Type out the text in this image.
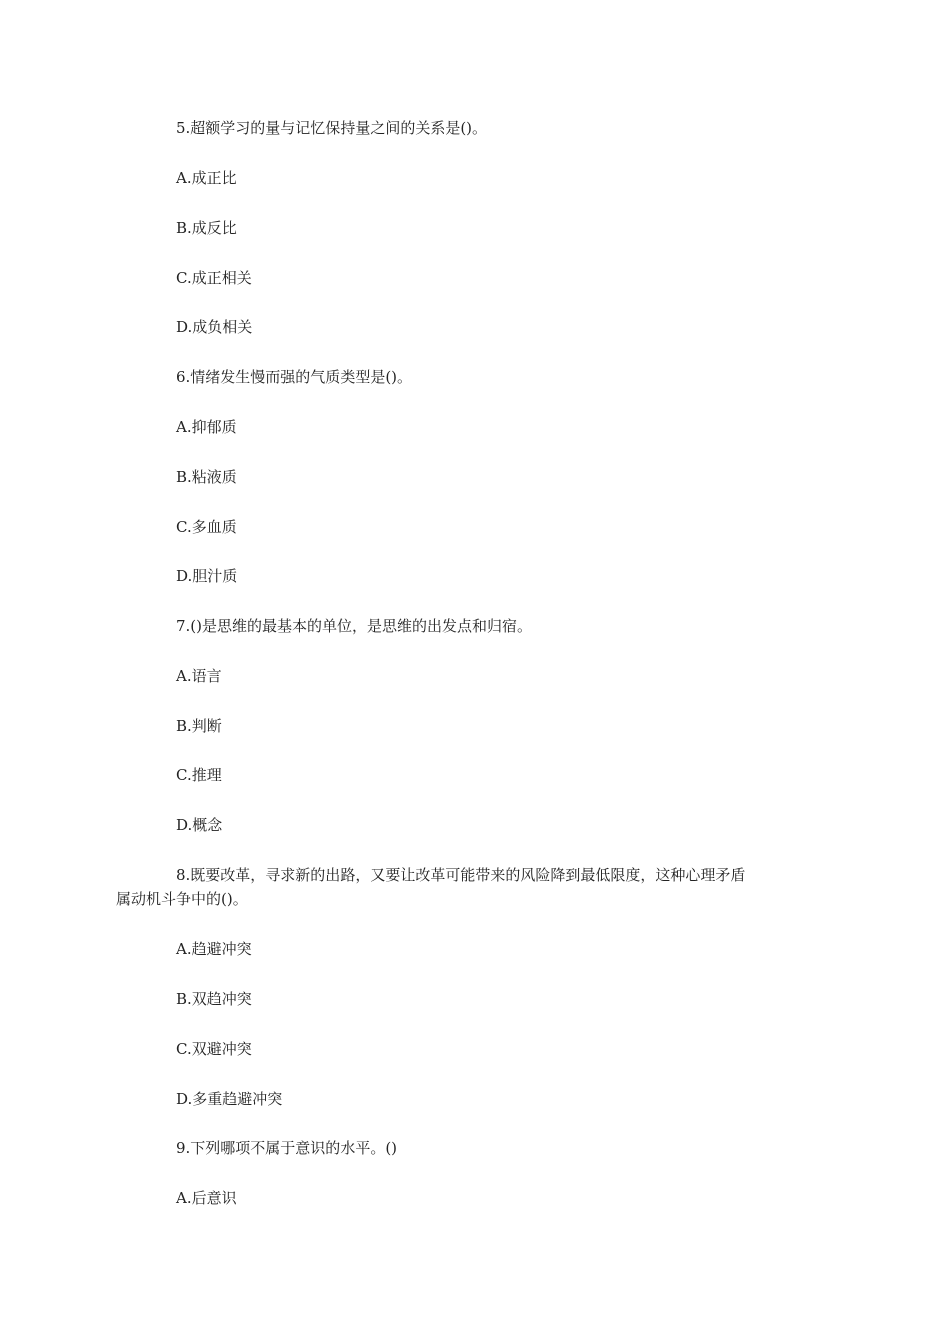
5.超额学习的量与记忆保持量之间的关系是()。
A.成正比
B.成反比
C.成正相关
D.成负相关
6.情绪发生慢而强的气质类型是()。
A.抑郁质
B.粘液质
C.多血质
D.胆汁质
7.()是思维的最基本的单位，是思维的出发点和归宿。
A.语言
B.判断
C.推理
D.概念
8.既要改革，寻求新的出路，又要让改革可能带来的风险降到最低限度，这种心理矛盾
属动机斗争中的()。
A.趋避冲突
B.双趋冲突
C.双避冲突
D.多重趋避冲突
9.下列哪项不属于意识的水平。()
A.后意识
